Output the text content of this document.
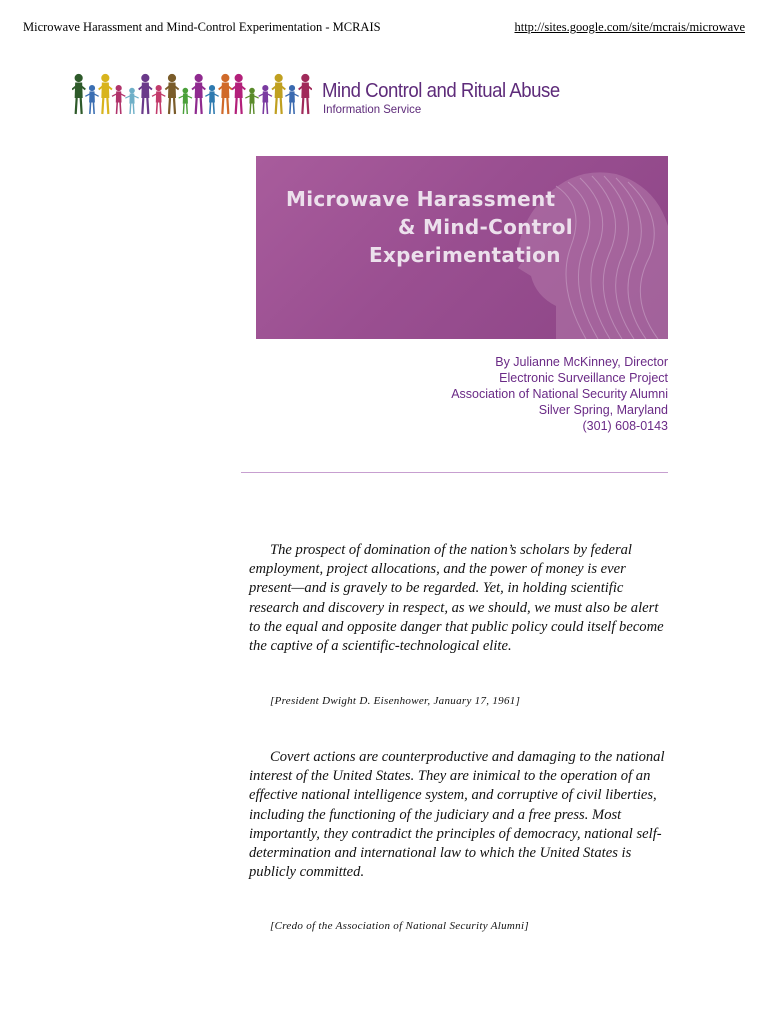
Microwave Harassment and Mind-Control Experimentation - MCRAIS	http://sites.google.com/site/mcrais/microwave
Mind Control and Ritual Abuse
Information Service
Microwave Harassment
& Mind-Control
Experimentation
By Julianne McKinney, Director
Electronic Surveillance Project
Association of National Security Alumni
Silver Spring, Maryland
(301) 608-0143
The prospect of domination of the nation’s scholars by federal employment, project allocations, and the power of money is ever present—and is gravely to be regarded. Yet, in holding scientific research and discovery in respect, as we should, we must also be alert to the equal and opposite danger that public policy could itself become the captive of a scientific-technological elite.
[President Dwight D. Eisenhower, January 17, 1961]
Covert actions are counterproductive and damaging to the national interest of the United States. They are inimical to the operation of an effective national intelligence system, and corruptive of civil liberties, including the functioning of the judiciary and a free press. Most importantly, they contradict the principles of democracy, national self-determination and international law to which the United States is publicly committed.
[Credo of the Association of National Security Alumni]
